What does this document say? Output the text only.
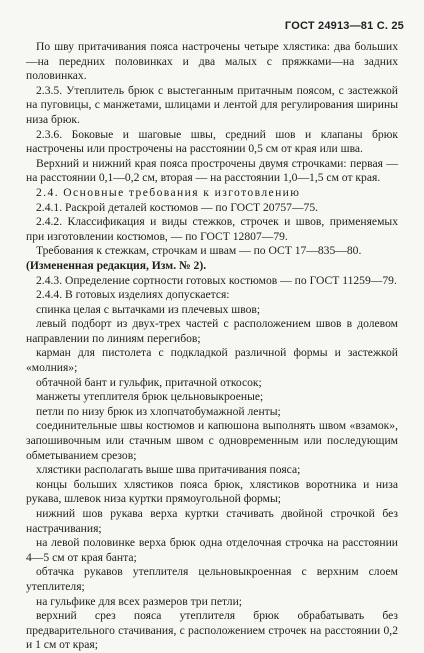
ГОСТ 24913—81 С. 25

По шву притачивания пояса настрочены четыре хлястика: два больших—на передних половинках и два малых с пряжками—на задних половинках.

2.3.5. Утеплитель брюк с выстеганным притачным поясом, с застежкой на пуговицы, с манжетами, шлицами и лентой для регулирования ширины низа брюк.

2.3.6. Боковые и шаговые швы, средний шов и клапаны брюк настрочены или прострочены на расстоянии 0,5 см от края или шва.

Верхний и нижний края пояса прострочены двумя строчками: первая — на расстоянии 0,1—0,2 см, вторая — на расстоянии 1,0—1,5 см от края.

2.4. Основные требования к изготовлению

2.4.1. Раскрой деталей костюмов — по ГОСТ 20757—75.

2.4.2. Классификация и виды стежков, строчек и швов, применяемых при изготовлении костюмов, — по ГОСТ 12807—79.

Требования к стежкам, строчкам и швам — по ОСТ 17—835—80.

(Измененная редакция, Изм. № 2).

2.4.3. Определение сортности готовых костюмов — по ГОСТ 11259—79.

2.4.4. В готовых изделиях допускается:

спинка целая с вытачками из плечевых швов;

левый подборт из двух-трех частей с расположением швов в долевом направлении по линиям перегибов;

карман для пистолета с подкладкой различной формы и застежкой «молния»;

обтачной бант и гульфик, притачной откосок;

манжеты утеплителя брюк цельновыкроеные;

петли по низу брюк из хлопчатобумажной ленты;

соединительные швы костюмов и капюшона выполнять швом «взамок», запошивочным или стачным швом с одновременным или последующим обметыванием срезов;

хлястики располагать выше шва притачивания пояса;

концы больших хлястиков пояса брюк, хлястиков воротника и низа рукава, шлевок низа куртки прямоугольной формы;

нижний шов рукава верха куртки стачивать двойной строчкой без настрачивания;

на левой половинке верха брюк одна отделочная строчка на расстоянии 4—5 см от края банта;

обтачка рукавов утеплителя цельновыкроенная с верхним слоем утеплителя;

на гульфике для всех размеров три петли;

верхний срез пояса утеплителя брюк обрабатывать без предварительного стачивания, с расположением строчек на расстоянии 0,2 и 1 см от края;
